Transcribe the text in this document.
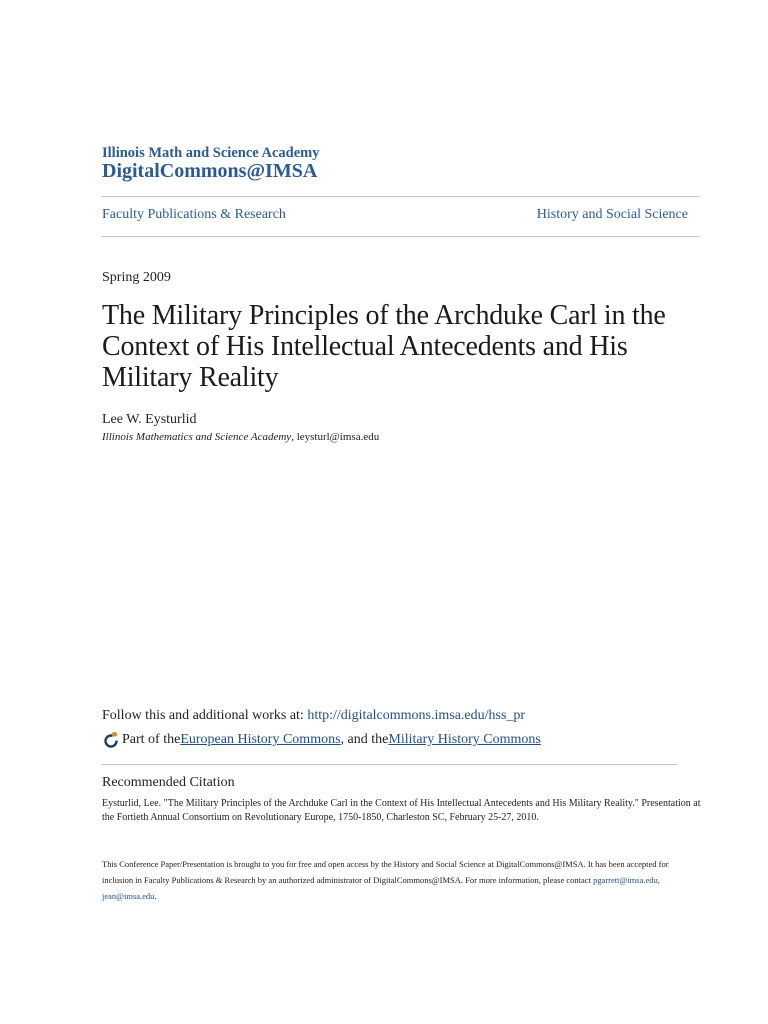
Illinois Math and Science Academy
DigitalCommons@IMSA
Faculty Publications & Research	History and Social Science
Spring 2009
The Military Principles of the Archduke Carl in the Context of His Intellectual Antecedents and His Military Reality
Lee W. Eysturlid
Illinois Mathematics and Science Academy, leysturl@imsa.edu
Follow this and additional works at: http://digitalcommons.imsa.edu/hss_pr
Part of the European History Commons , and the Military History Commons
Recommended Citation
Eysturlid, Lee. "The Military Principles of the Archduke Carl in the Context of His Intellectual Antecedents and His Military Reality." Presentation at the Fortieth Annual Consortium on Revolutionary Europe, 1750-1850, Charleston SC, February 25-27, 2010.
This Conference Paper/Presentation is brought to you for free and open access by the History and Social Science at DigitalCommons@IMSA. It has been accepted for inclusion in Faculty Publications & Research by an authorized administrator of DigitalCommons@IMSA. For more information, please contact pgarrett@imsa.edu, jean@imsa.edu.
